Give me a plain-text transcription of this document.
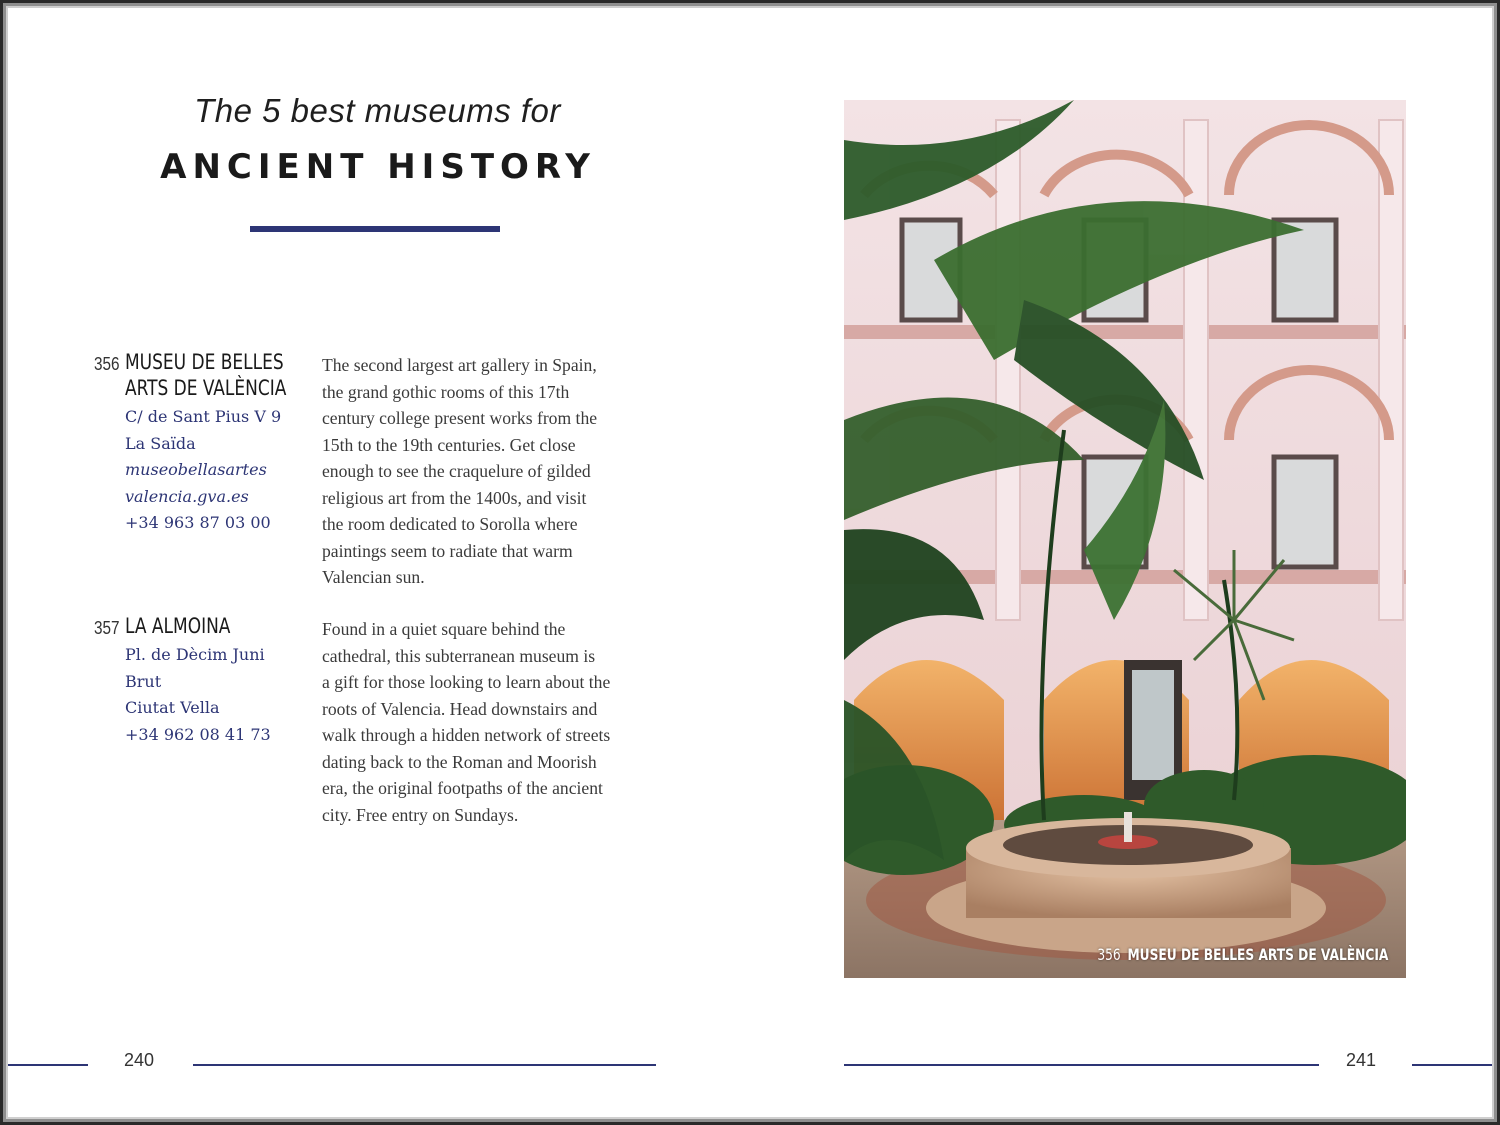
The 5 best museums for
ANCIENT HISTORY
356 MUSEU DE BELLES
ARTS DE VALÈNCIA
C/ de Sant Pius V 9
La Saïda
museobellasartes
valencia.gva.es
+34 963 87 03 00
The second largest art gallery in Spain,
the grand gothic rooms of this 17th
century college present works from the
15th to the 19th centuries. Get close
enough to see the craquelure of gilded
religious art from the 1400s, and visit
the room dedicated to Sorolla where
paintings seem to radiate that warm
Valencian sun.
357 LA ALMOINA
Pl. de Dècim Juni
Brut
Ciutat Vella
+34 962 08 41 73
Found in a quiet square behind the
cathedral, this subterranean museum is
a gift for those looking to learn about the
roots of Valencia. Head downstairs and
walk through a hidden network of streets
dating back to the Roman and Moorish
era, the original footpaths of the ancient
city. Free entry on Sundays.
356 MUSEU DE BELLES ARTS DE VALÈNCIA
240	241
